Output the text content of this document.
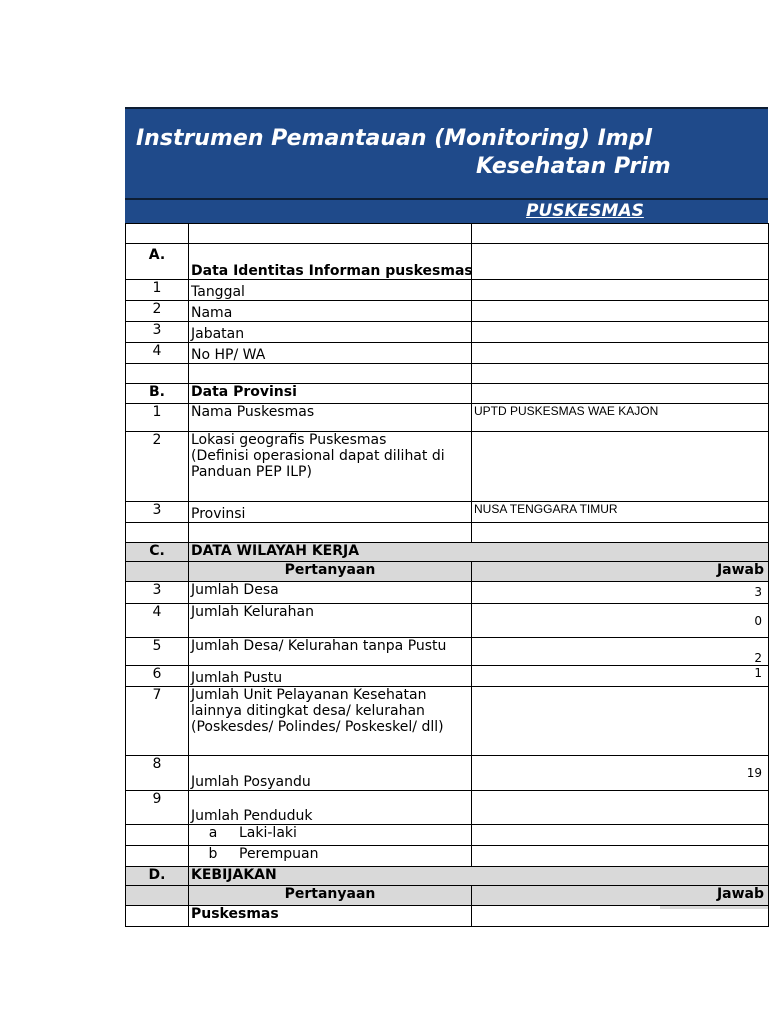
Instrumen Pemantauan (Monitoring) Impl
Kesehatan Prim
PUSKESMAS

A.	Data Identitas Informan puskesmas	
1	Tanggal	
2	Nama	
3	Jabatan	
4	No HP/ WA	

B.	Data Provinsi	
1	Nama Puskesmas	UPTD PUSKESMAS WAE KAJON
2	Lokasi geografis Puskesmas
(Definisi operasional dapat dilihat di
Panduan PEP ILP)

3	Provinsi	NUSA TENGGARA TIMUR

C.	DATA WILAYAH KERJA
	Pertanyaan	Jawab
3	Jumlah Desa	3
4	Jumlah Kelurahan	0
5	Jumlah Desa/ Kelurahan tanpa Pustu	2
6	Jumlah Pustu	1
7	Jumlah Unit Pelayanan Kesehatan
lainnya ditingkat desa/ kelurahan
(Poskesdes/ Polindes/ Poskeskel/ dll)

8	Jumlah Posyandu	19
9	Jumlah Penduduk	

a	Laki-laki

b	Perempuan

D.	KEBIJAKAN
	Pertanyaan	Jawab
	Puskesmas	
